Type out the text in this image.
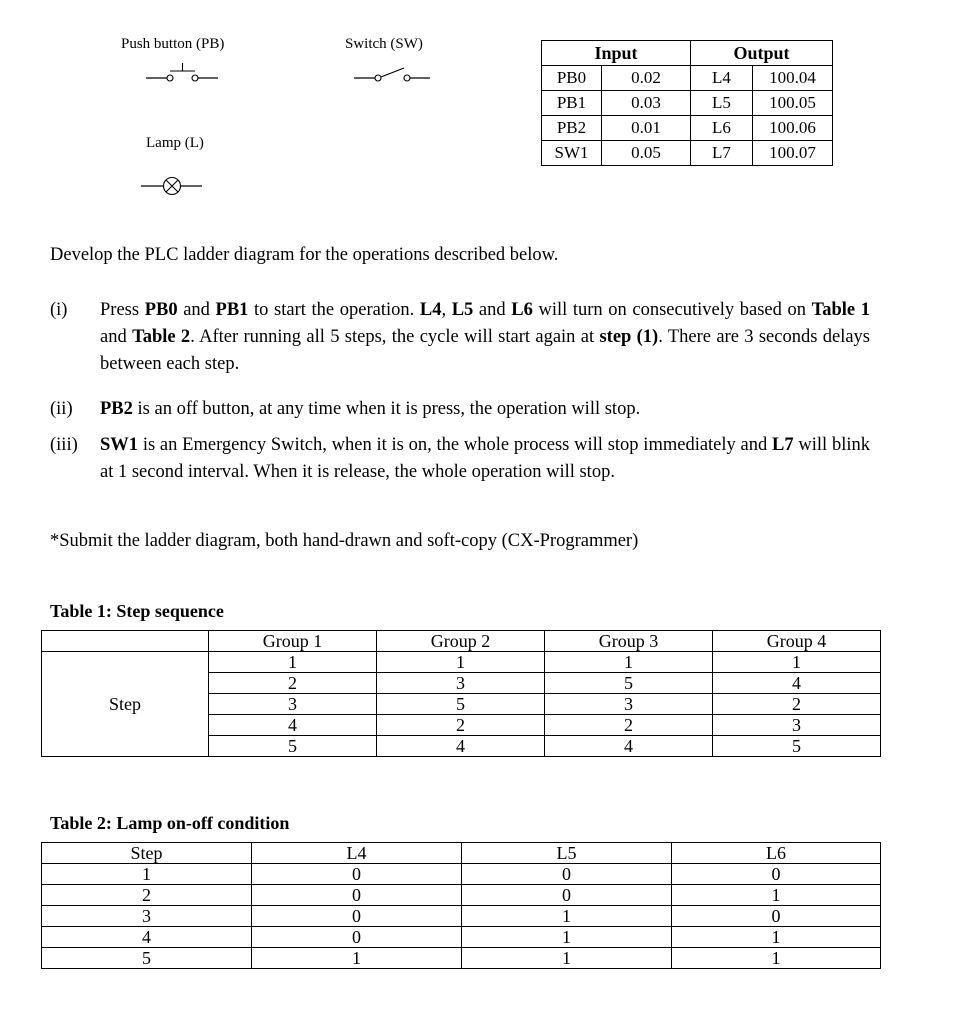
Push button (PB)	Switch (SW)
Lamp (L)
Input		Output	
PB0	0.02	L4	100.04
PB1	0.03	L5	100.05
PB2	0.01	L6	100.06
SW1	0.05	L7	100.07
Develop the PLC ladder diagram for the operations described below.
(i) Press PB0 and PB1 to start the operation. L4, L5 and L6 will turn on consecutively based on Table 1 and Table 2. After running all 5 steps, the cycle will start again at step (1). There are 3 seconds delays between each step.
(ii) PB2 is an off button, at any time when it is press, the operation will stop.
(iii) SW1 is an Emergency Switch, when it is on, the whole process will stop immediately and L7 will blink at 1 second interval. When it is release, the whole operation will stop.
*Submit the ladder diagram, both hand-drawn and soft-copy (CX-Programmer)
Table 1: Step sequence
	Group 1	Group 2	Group 3	Group 4
Step	1	1	1	1
	2	3	5	4
	3	5	3	2
	4	2	2	3
	5	4	4	5
Table 2: Lamp on-off condition
Step	L4	L5	L6
1	0	0	0
2	0	0	1
3	0	1	0
4	0	1	1
5	1	1	1
